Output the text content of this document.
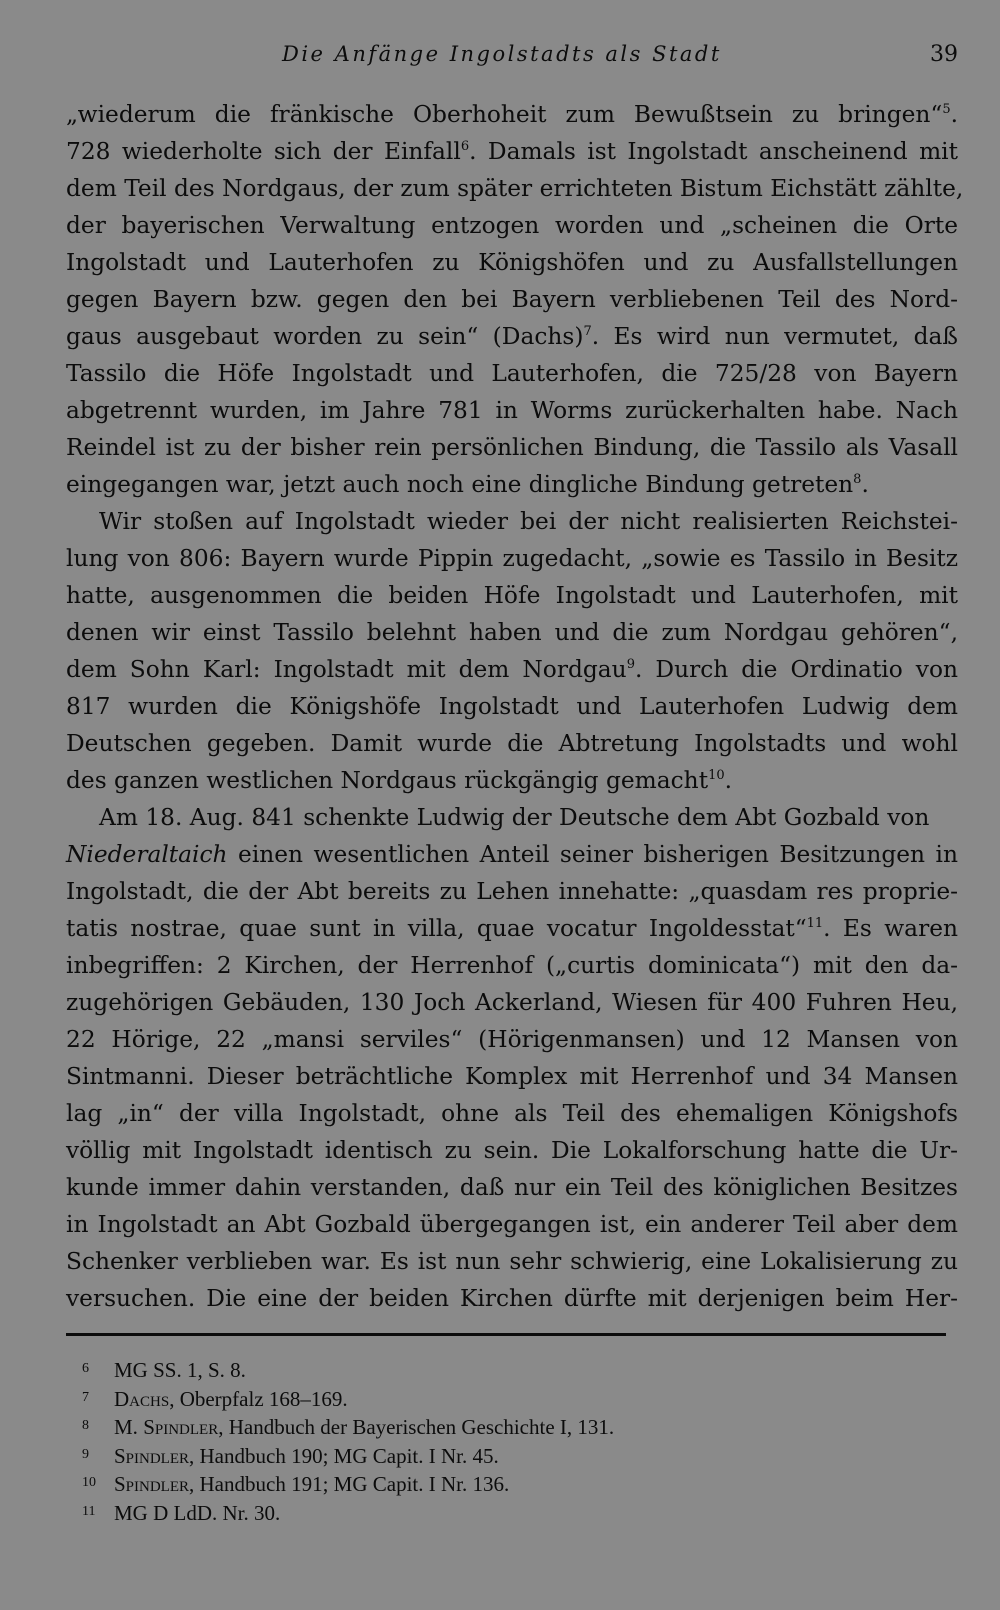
Die Anfänge Ingolstadts als Stadt	39
„wiederum die fränkische Oberhoheit zum Bewußtsein zu bringen“$^5$.
728 wiederholte sich der Einfall$^6$. Damals ist Ingolstadt anscheinend mit
dem Teil des Nordgaus, der zum später errichteten Bistum Eichstätt zählte,
der bayerischen Verwaltung entzogen worden und „scheinen die Orte
Ingolstadt und Lauterhofen zu Königshöfen und zu Ausfallstellungen
gegen Bayern bzw. gegen den bei Bayern verbliebenen Teil des Nord-
gaus ausgebaut worden zu sein“ (Dachs)$^7$. Es wird nun vermutet, daß
Tassilo die Höfe Ingolstadt und Lauterhofen, die 725/28 von Bayern
abgetrennt wurden, im Jahre 781 in Worms zurückerhalten habe. Nach
Reindel ist zu der bisher rein persönlichen Bindung, die Tassilo als Vasall
eingegangen war, jetzt auch noch eine dingliche Bindung getreten$^8$.
Wir stoßen auf Ingolstadt wieder bei der nicht realisierten Reichstei-
lung von 806: Bayern wurde Pippin zugedacht, „sowie es Tassilo in Besitz
hatte, ausgenommen die beiden Höfe Ingolstadt und Lauterhofen, mit
denen wir einst Tassilo belehnt haben und die zum Nordgau gehören“,
dem Sohn Karl: Ingolstadt mit dem Nordgau$^9$. Durch die Ordinatio von
817 wurden die Königshöfe Ingolstadt und Lauterhofen Ludwig dem
Deutschen gegeben. Damit wurde die Abtretung Ingolstadts und wohl
des ganzen westlichen Nordgaus rückgängig gemacht$^{10}$.
Am 18. Aug. 841 schenkte Ludwig der Deutsche dem Abt Gozbald von
Niederaltaich einen wesentlichen Anteil seiner bisherigen Besitzungen in
Ingolstadt, die der Abt bereits zu Lehen innehatte: „quasdam res proprie-
tatis nostrae, quae sunt in villa, quae vocatur Ingoldesstat“$^{11}$. Es waren
inbegriffen: 2 Kirchen, der Herrenhof („curtis dominicata“) mit den da-
zugehörigen Gebäuden, 130 Joch Ackerland, Wiesen für 400 Fuhren Heu,
22 Hörige, 22 „mansi serviles“ (Hörigenmansen) und 12 Mansen von
Sintmanni. Dieser beträchtliche Komplex mit Herrenhof und 34 Mansen
lag „in“ der villa Ingolstadt, ohne als Teil des ehemaligen Königshofs
völlig mit Ingolstadt identisch zu sein. Die Lokalforschung hatte die Ur-
kunde immer dahin verstanden, daß nur ein Teil des königlichen Besitzes
in Ingolstadt an Abt Gozbald übergegangen ist, ein anderer Teil aber dem
Schenker verblieben war. Es ist nun sehr schwierig, eine Lokalisierung zu
versuchen. Die eine der beiden Kirchen dürfte mit derjenigen beim Her-
6 MG SS. 1, S. 8.
7 Dachs, Oberpfalz 168–169.
8 M. Spindler, Handbuch der Bayerischen Geschichte I, 131.
9 Spindler, Handbuch 190; MG Capit. I Nr. 45.
10 Spindler, Handbuch 191; MG Capit. I Nr. 136.
11 MG D LdD. Nr. 30.
